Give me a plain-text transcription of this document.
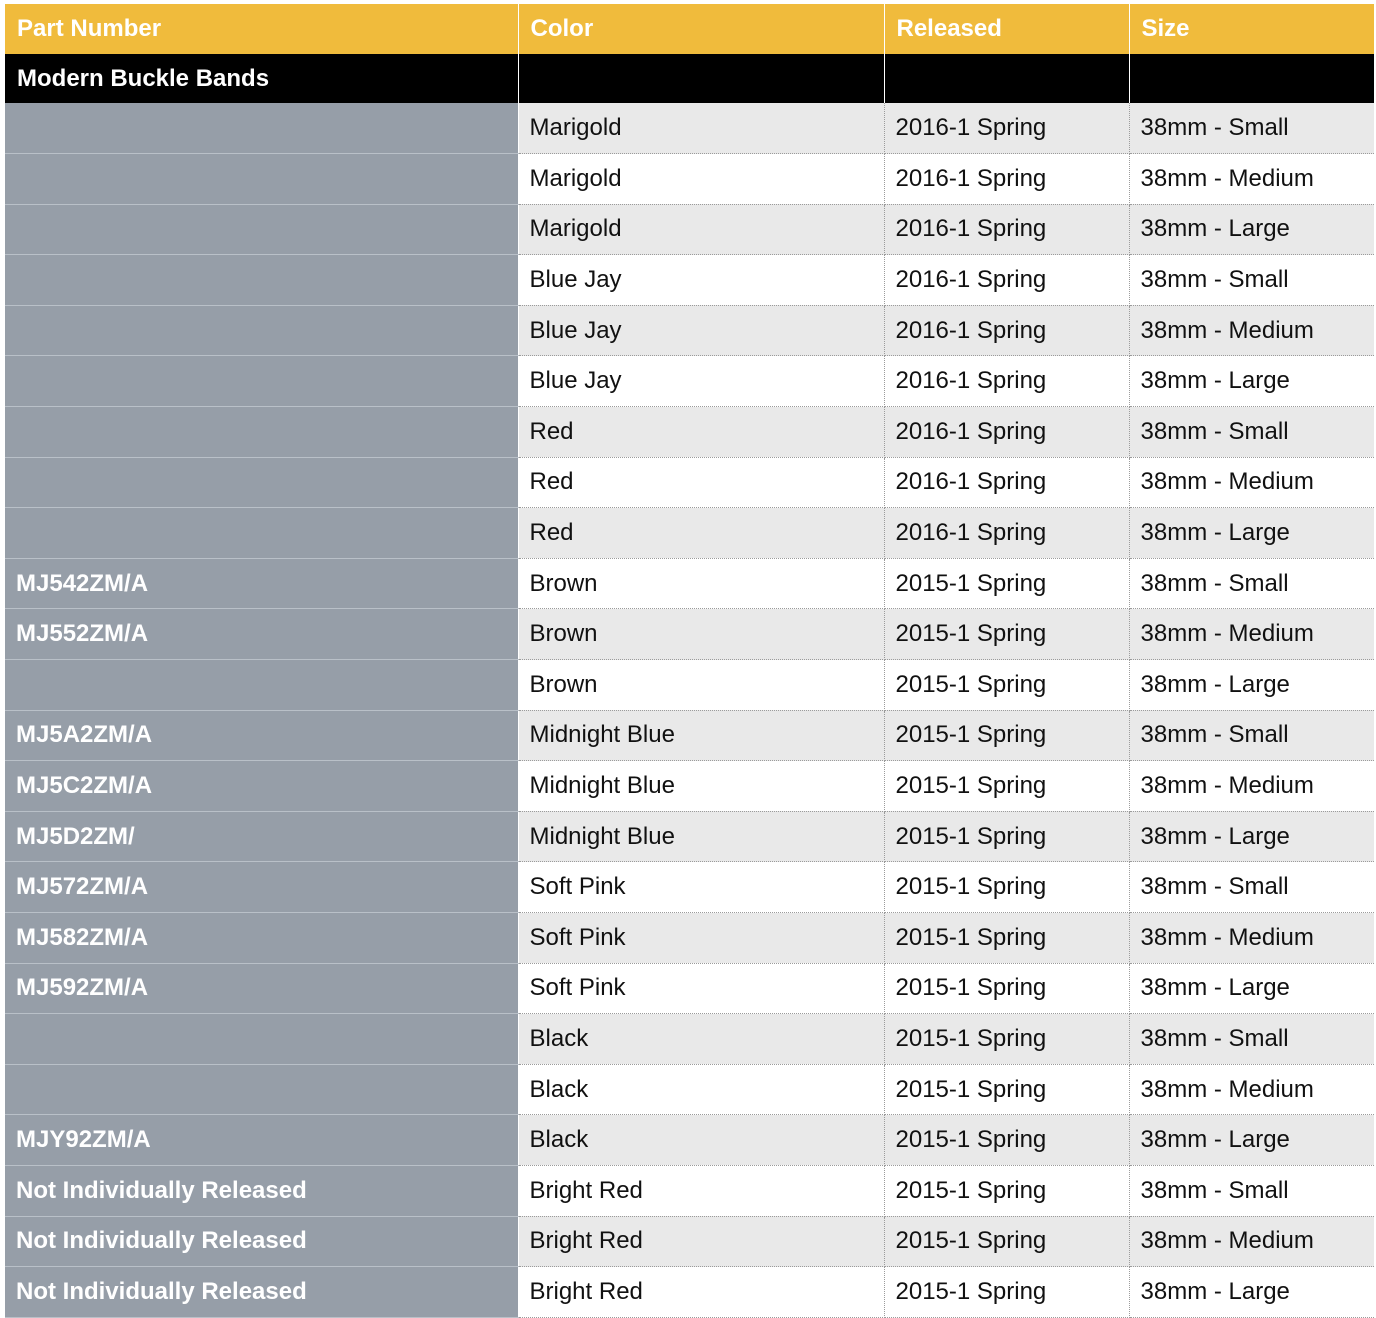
Part Number	Color	Released	Size
Modern Buckle Bands			
	Marigold	2016-1 Spring	38mm - Small
	Marigold	2016-1 Spring	38mm - Medium
	Marigold	2016-1 Spring	38mm - Large
	Blue Jay	2016-1 Spring	38mm - Small
	Blue Jay	2016-1 Spring	38mm - Medium
	Blue Jay	2016-1 Spring	38mm - Large
	Red	2016-1 Spring	38mm - Small
	Red	2016-1 Spring	38mm - Medium
	Red	2016-1 Spring	38mm - Large
MJ542ZM/A	Brown	2015-1 Spring	38mm - Small
MJ552ZM/A	Brown	2015-1 Spring	38mm - Medium
	Brown	2015-1 Spring	38mm - Large
MJ5A2ZM/A	Midnight Blue	2015-1 Spring	38mm - Small
MJ5C2ZM/A	Midnight Blue	2015-1 Spring	38mm - Medium
MJ5D2ZM/	Midnight Blue	2015-1 Spring	38mm - Large
MJ572ZM/A	Soft Pink	2015-1 Spring	38mm - Small
MJ582ZM/A	Soft Pink	2015-1 Spring	38mm - Medium
MJ592ZM/A	Soft Pink	2015-1 Spring	38mm - Large
	Black	2015-1 Spring	38mm - Small
	Black	2015-1 Spring	38mm - Medium
MJY92ZM/A	Black	2015-1 Spring	38mm - Large
Not Individually Released	Bright Red	2015-1 Spring	38mm - Small
Not Individually Released	Bright Red	2015-1 Spring	38mm - Medium
Not Individually Released	Bright Red	2015-1 Spring	38mm - Large
